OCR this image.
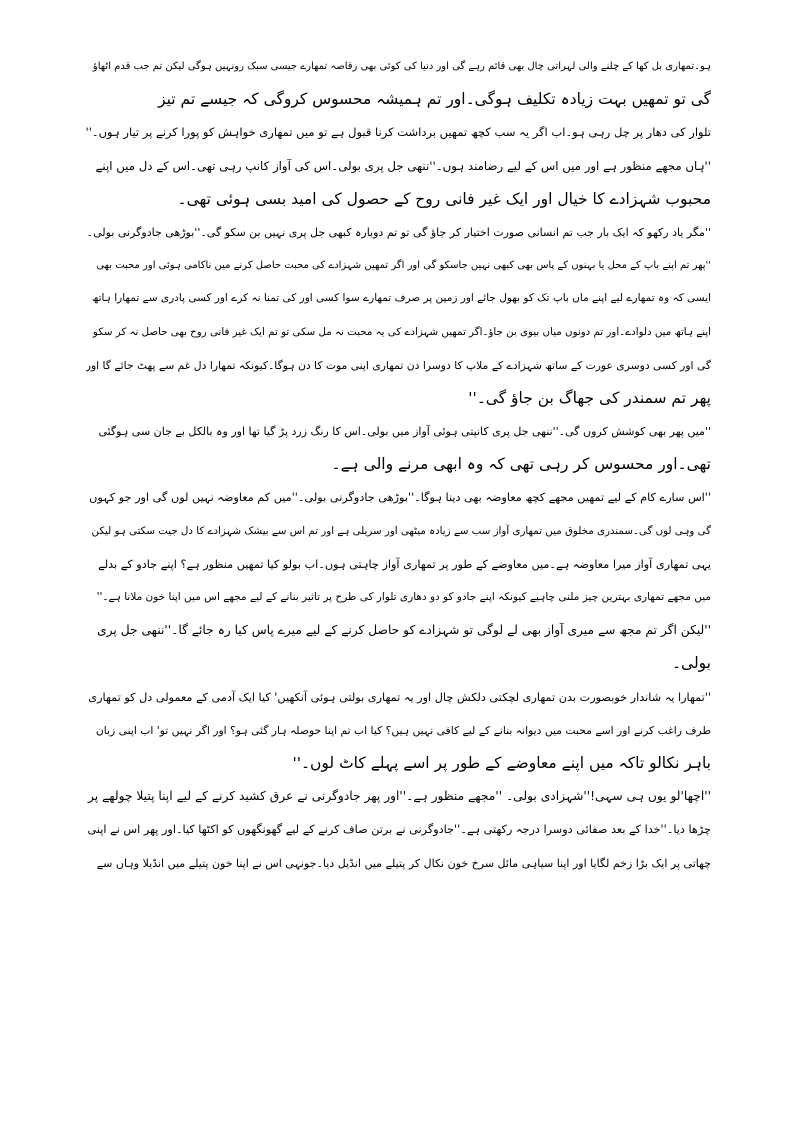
ہو۔تمھاری بل کھا کے چلنے والی لہراتی چال بھی قائم رہے گی اور دنیا کی کوئی بھی رقاصہ تمھارے جیسی سبک رونہیں ہوگی لیکن تم جب قدم اٹھاؤ
گی تو تمھیں بہت زیادہ تکلیف ہوگی۔اور تم ہمیشہ محسوس کروگی کہ جیسے تم تیز
تلوار کی دھار پر چل رہی ہو۔اب اگر یہ سب کچھ تمھیں برداشت کرنا قبول ہے تو میں تمھاری خواہش کو پورا کرنے پر تیار ہوں۔''
''ہاں مجھے منظور ہے اور میں اس کے لیے رضامند ہوں۔''ننھی جل پری بولی۔اس کی آواز کانپ رہی تھی۔اس کے دل میں اپنے
محبوب شہزادے کا خیال اور ایک غیر فانی روح کے حصول کی امید بسی ہوئی تھی۔
''مگر یاد رکھو کہ ایک بار جب تم انسانی صورت اختیار کر جاؤ گی تو تم دوبارہ کبھی جل پری نہیں بن سکو گی۔''بوڑھی جادوگرنی بولی۔
''پھر تم اپنے باپ کے محل یا بہنوں کے پاس بھی کبھی نہیں جاسکو گی اور اگر تمھیں شہزادے کی محبت حاصل کرنے میں ناکامی ہوئی اور محبت بھی
ایسی کہ وہ تمھارے لیے اپنے ماں باپ تک کو بھول جائے اور زمین پر صرف تمھارے سوا کسی اور کی تمنا نہ کرے اور کسی پادری سے تمھارا ہاتھ
اپنے ہاتھ میں دلوادے۔اور تم دونوں میاں بیوی بن جاؤ۔اگر تمھیں شہزادے کی یہ محبت نہ مل سکی تو تم ایک غیر فانی روح بھی حاصل نہ کر سکو
گی اور کسی دوسری عورت کے ساتھ شہزادے کے ملاپ کا دوسرا دن تمھاری اپنی موت کا دن ہوگا۔کیونکہ تمھارا دل غم سے پھٹ جائے گا اور
پھر تم سمندر کی جھاگ بن جاؤ گی۔''
''میں پھر بھی کوشش کروں گی۔''ننھی جل پری کانپتی ہوئی آواز میں بولی۔اس کا رنگ زرد پڑ گیا تھا اور وہ بالکل بے جان سی ہوگئی
تھی۔اور محسوس کر رہی تھی کہ وہ ابھی مرنے والی ہے۔
''اس سارے کام کے لیے تمھیں مجھے کچھ معاوضہ بھی دینا ہوگا۔''بوڑھی جادوگرنی بولی۔''میں کم معاوضہ نہیں لوں گی اور جو کہوں
گی وہی لوں گی۔سمندری مخلوق میں تمھاری آواز سب سے زیادہ میٹھی اور سریلی ہے اور تم اس سے بیشک شہزادے کا دل جیت سکتی ہو لیکن
یہی تمھاری آواز میرا معاوضہ ہے۔میں معاوضے کے طور پر تمھاری آواز چاہتی ہوں۔اب بولو کیا تمھیں منظور ہے؟ اپنے جادو کے بدلے
میں مجھے تمھاری بہترین چیز ملنی چاہیے کیونکہ اپنے جادو کو دو دھاری تلوار کی طرح پر تاثیر بنانے کے لیے مجھے اس میں اپنا خون ملانا ہے۔''
''لیکن اگر تم مجھ سے میری آواز بھی لے لوگی تو شہزادے کو حاصل کرنے کے لیے میرے پاس کیا رہ جائے گا۔''ننھی جل پری
بولی۔
''تمھارا یہ شاندار خوبصورت بدن تمھاری لچکتی دلکش چال اور یہ تمھاری بولتی ہوئی آنکھیں' کیا ایک آدمی کے معمولی دل کو تمھاری
طرف راغب کرنے اور اسے محبت میں دیوانہ بنانے کے لیے کافی نہیں ہیں؟ کیا اب تم اپنا حوصلہ ہار گئی ہو؟ اور اگر نہیں تو' اب اپنی زبان
باہر نکالو تاکہ میں اپنے معاوضے کے طور پر اسے پہلے کاٹ لوں۔''
''اچھا'لو یوں ہی سہی!''شہزادی بولی۔ ''مجھے منظور ہے۔''اور پھر جادوگرنی نے عرق کشید کرنے کے لیے اپنا پتیلا چولھے پر
چڑھا دیا۔''خدا کے بعد صفائی دوسرا درجہ رکھتی ہے۔''جادوگرنی نے برتن صاف کرنے کے لیے گھونگھوں کو اکٹھا کیا۔اور پھر اس نے اپنی
چھاتی پر ایک بڑا زخم لگایا اور اپنا سیاہی مائل سرخ خون نکال کر پتیلے میں انڈیل دیا۔جونہی اس نے اپنا خون پتیلے میں انڈیلا وہاں سے
